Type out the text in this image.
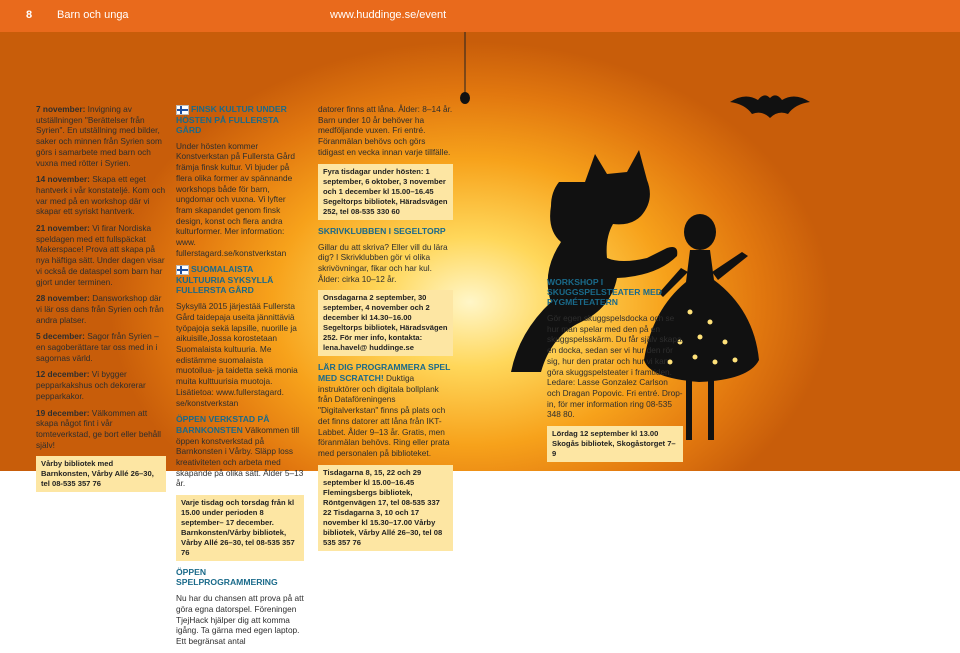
8 Barn och unga	www.huddinge.se/event

7 november: Invigning av utställningen "Berättelser från Syrien". En utställning med bilder, saker och minnen från Syrien som görs i samarbete med barn och vuxna med rötter i Syrien.

14 november: Skapa ett eget hantverk i vår konstateljé. Kom och var med på en workshop där vi skapar ett syriskt hantverk.

21 november: Vi firar Nordiska speldagen med ett fullspäckat Makerspace! Prova att skapa på nya häftiga sätt. Under dagen visar vi också de dataspel som barn har gjort under terminen.

28 november: Dansworkshop där vi lär oss dans från Syrien och från andra platser.

5 december: Sagor från Syrien – en sagoberättare tar oss med in i sagornas värld.

12 december: Vi bygger pepparkakshus och dekorerar pepparkakor.

19 december: Välkommen att skapa något fint i vår tomteverkstad, ge bort eller behåll själv!

Vårby bibliotek med Barnkonsten, Vårby Allé 26–30, tel 08-535 357 76

FINSK KULTUR UNDER HÖSTEN PÅ FULLERSTA GÅRD

Under hösten kommer Konstverkstan på Fullersta Gård främja finsk kultur. Vi bjuder på flera olika former av spännande workshops både för barn, ungdomar och vuxna. Vi lyfter fram skapandet genom finsk design, konst och flera andra kulturformer. Mer information: www. fullerstagard.se/konstverkstan

SUOMALAISTA KULTUURIA SYKSYLLÄ FULLERSTA GÅRD

Syksyllä 2015 järjestää Fullersta Gård taidepaja useita jännittäviä työpajoja sekä lapsille, nuorille ja aikuisille,Jossa korostetaan Suomalaista kultuuria. Me edistämme suomalaista muotoilua- ja taidetta sekä monia muita kulttuurisia muotoja. Lisätietoa: www.fullerstagard. se/konstverkstan

ÖPPEN VERKSTAD PÅ BARNKONSTEN Välkommen till öppen konstverkstad på Barnkonsten i Vårby. Släpp loss kreativiteten och arbeta med skapande på olika sätt. Älder 5–13 år.

Varje tisdag och torsdag från kl 15.00 under perioden 8 september– 17 december. Barnkonsten/Vårby bibliotek, Vårby Allé 26–30, tel 08-535 357 76

ÖPPEN SPELPROGRAMMERING

Nu har du chansen att prova på att göra egna datorspel. Föreningen TjejHack hjälper dig att komma igång. Ta gärna med egen laptop. Ett begränsat antal

datorer finns att låna. Ålder: 8–14 år. Barn under 10 år behöver ha medföljande vuxen. Fri entré. Föranmälan behövs och görs tidigast en vecka innan varje tillfälle.

Fyra tisdagar under hösten: 1 september, 6 oktober, 3 november och 1 december kl 15.00–16.45 Segeltorps bibliotek, Häradsvägen 252, tel 08-535 330 60

SKRIVKLUBBEN I SEGELTORP

Gillar du att skriva? Eller vill du lära dig? I Skrivklubben gör vi olika skrivövningar, fikar och har kul. Ålder: cirka 10–12 år.

Onsdagarna 2 september, 30 september, 4 november och 2 december kl 14.30–16.00 Segeltorps bibliotek, Häradsvägen 252. För mer info, kontakta: lena.havel@ huddinge.se

LÄR DIG PROGRAMMERA SPEL MED SCRATCH! Duktiga instruktörer och digitala bollplank från Dataföreningens "Digitalverkstan" finns på plats och det finns datorer att låna från IKT-Labbet. Ålder 9–13 år. Gratis, men föranmälan behövs. Ring eller prata med personalen på biblioteket.

Tisdagarna 8, 15, 22 och 29 september kl 15.00–16.45 Flemingsbergs bibliotek, Röntgenvägen 17, tel 08-535 337 22 Tisdagarna 3, 10 och 17 november kl 15.30–17.00 Vårby bibliotek, Vårby Allé 26–30, tel 08 535 357 76

WORKSHOP I SKUGGSPELSTEATER MED PYGMÉTEATERN

Gör egen skuggspelsdocka och se hur man spelar med den på en skuggspelsskärm. Du får själv skapa en docka, sedan ser vi hur den rör sig, hur den pratar och hur vi kan göra skuggspelsteater i framtiden. Ledare: Lasse Gonzalez Carlson och Dragan Popovic. Fri entré. Drop-in, för mer information ring 08-535 348 80.

Lördag 12 september kl 13.00 Skogås bibliotek, Skogåstorget 7–9
